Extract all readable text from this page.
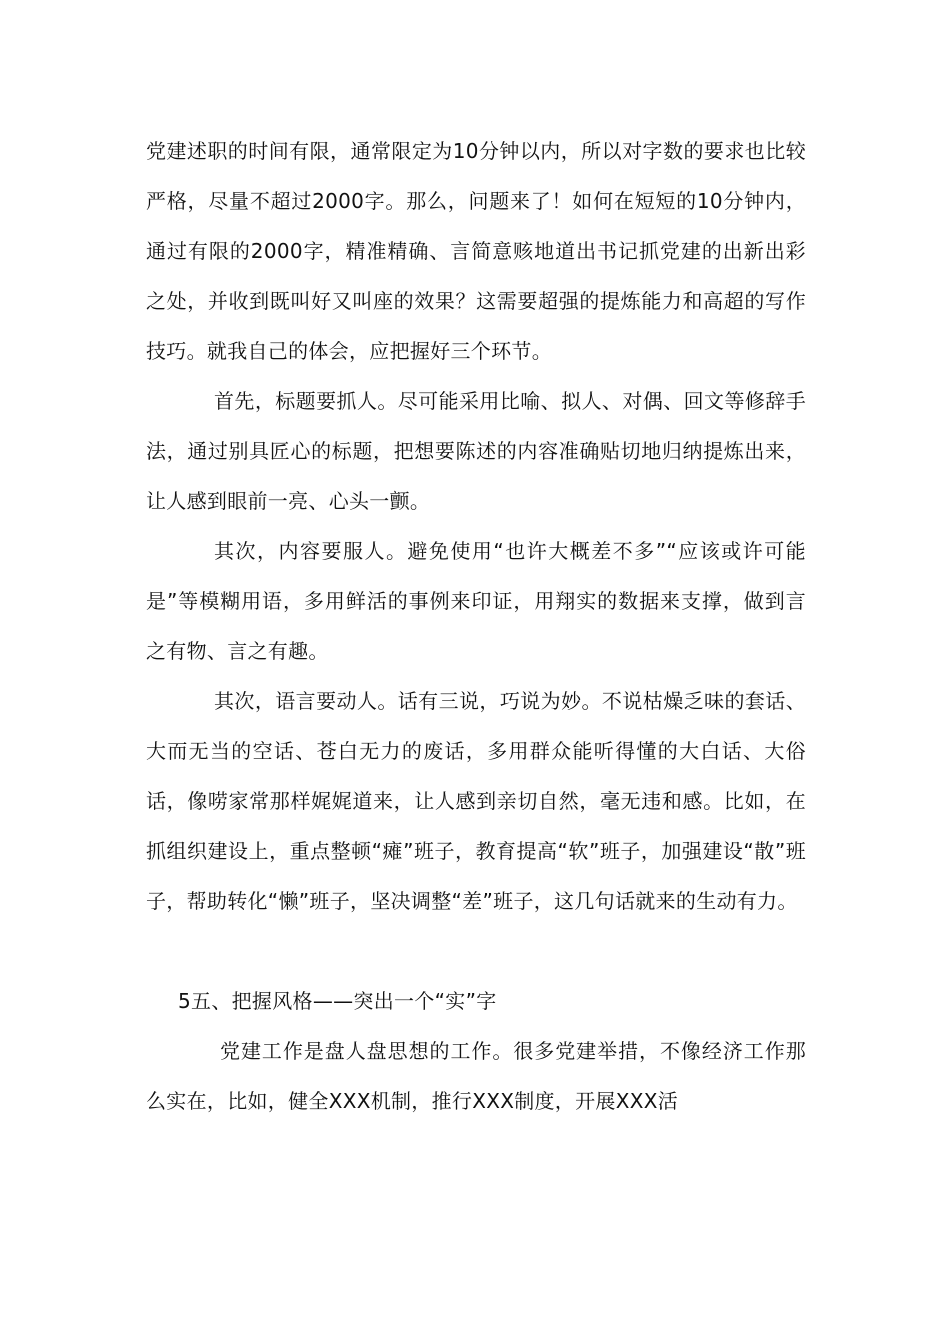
党建述职的时间有限，通常限定为10分钟以内，所以对字数的要求也比较严格，尽量不超过2000字。那么，问题来了！如何在短短的10分钟内，通过有限的2000字，精准精确、言简意赅地道出书记抓党建的出新出彩之处，并收到既叫好又叫座的效果？这需要超强的提炼能力和高超的写作技巧。就我自己的体会，应把握好三个环节。

首先，标题要抓人。尽可能采用比喻、拟人、对偶、回文等修辞手法，通过别具匠心的标题，把想要陈述的内容准确贴切地归纳提炼出来，让人感到眼前一亮、心头一颤。

其次，内容要服人。避免使用“也许大概差不多”“应该或许可能是”等模糊用语，多用鲜活的事例来印证，用翔实的数据来支撑，做到言之有物、言之有趣。

其次，语言要动人。话有三说，巧说为妙。不说枯燥乏味的套话、大而无当的空话、苍白无力的废话，多用群众能听得懂的大白话、大俗话，像唠家常那样娓娓道来，让人感到亲切自然，毫无违和感。比如，在抓组织建设上，重点整顿“瘫”班子，教育提高“软”班子，加强建设“散”班子，帮助转化“懒”班子，坚决调整“差”班子，这几句话就来的生动有力。

5五、把握风格——突出一个“实”字

党建工作是盘人盘思想的工作。很多党建举措，不像经济工作那么实在，比如，健全XXX机制，推行XXX制度，开展XXX活
